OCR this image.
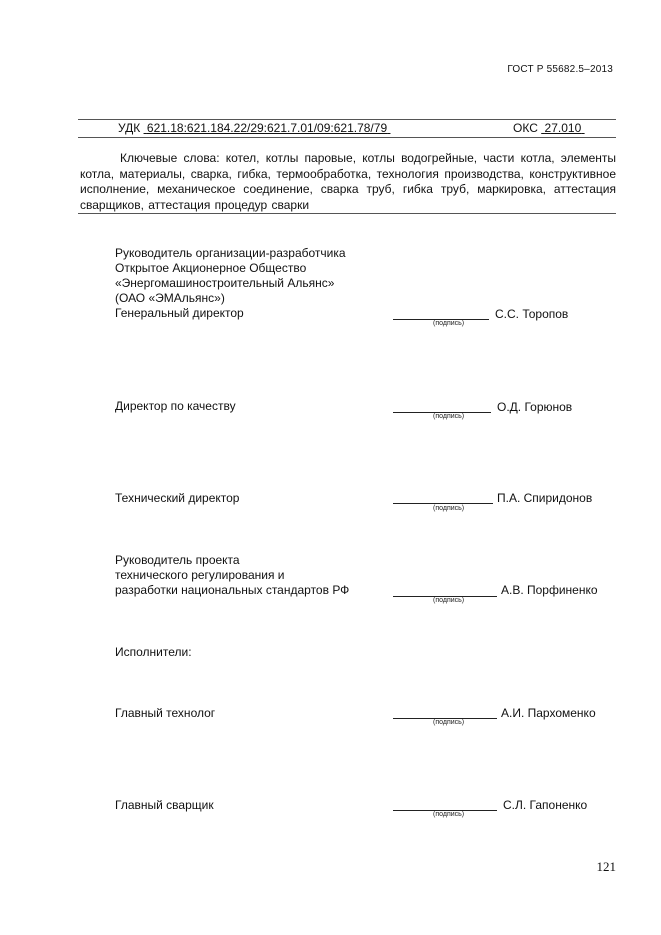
ГОСТ Р 55682.5–2013
УДК 621.18:621.184.22/29:621.7.01/09:621.78/79	ОКС 27.010
Ключевые слова: котел, котлы паровые, котлы водогрейные, части котла, элементы котла, материалы, сварка, гибка, термообработка, технология производства, конструктивное исполнение, механическое соединение, сварка труб, гибка труб, маркировка, аттестация сварщиков, аттестация процедур сварки
Руководитель организации-разработчика
Открытое Акционерное Общество
«Энергомашиностроительный Альянс»
(ОАО «ЭМАльянс»)
Генеральный директор
(подпись)
С.С. Торопов
Директор по качеству
(подпись)
О.Д. Горюнов
Технический директор
(подпись)
П.А. Спиридонов
Руководитель проекта
технического регулирования и
разработки национальных стандартов РФ
(подпись)
А.В. Порфиненко
Исполнители:
Главный технолог
(подпись)
А.И. Пархоменко
Главный сварщик
(подпись)
С.Л. Гапоненко
121
